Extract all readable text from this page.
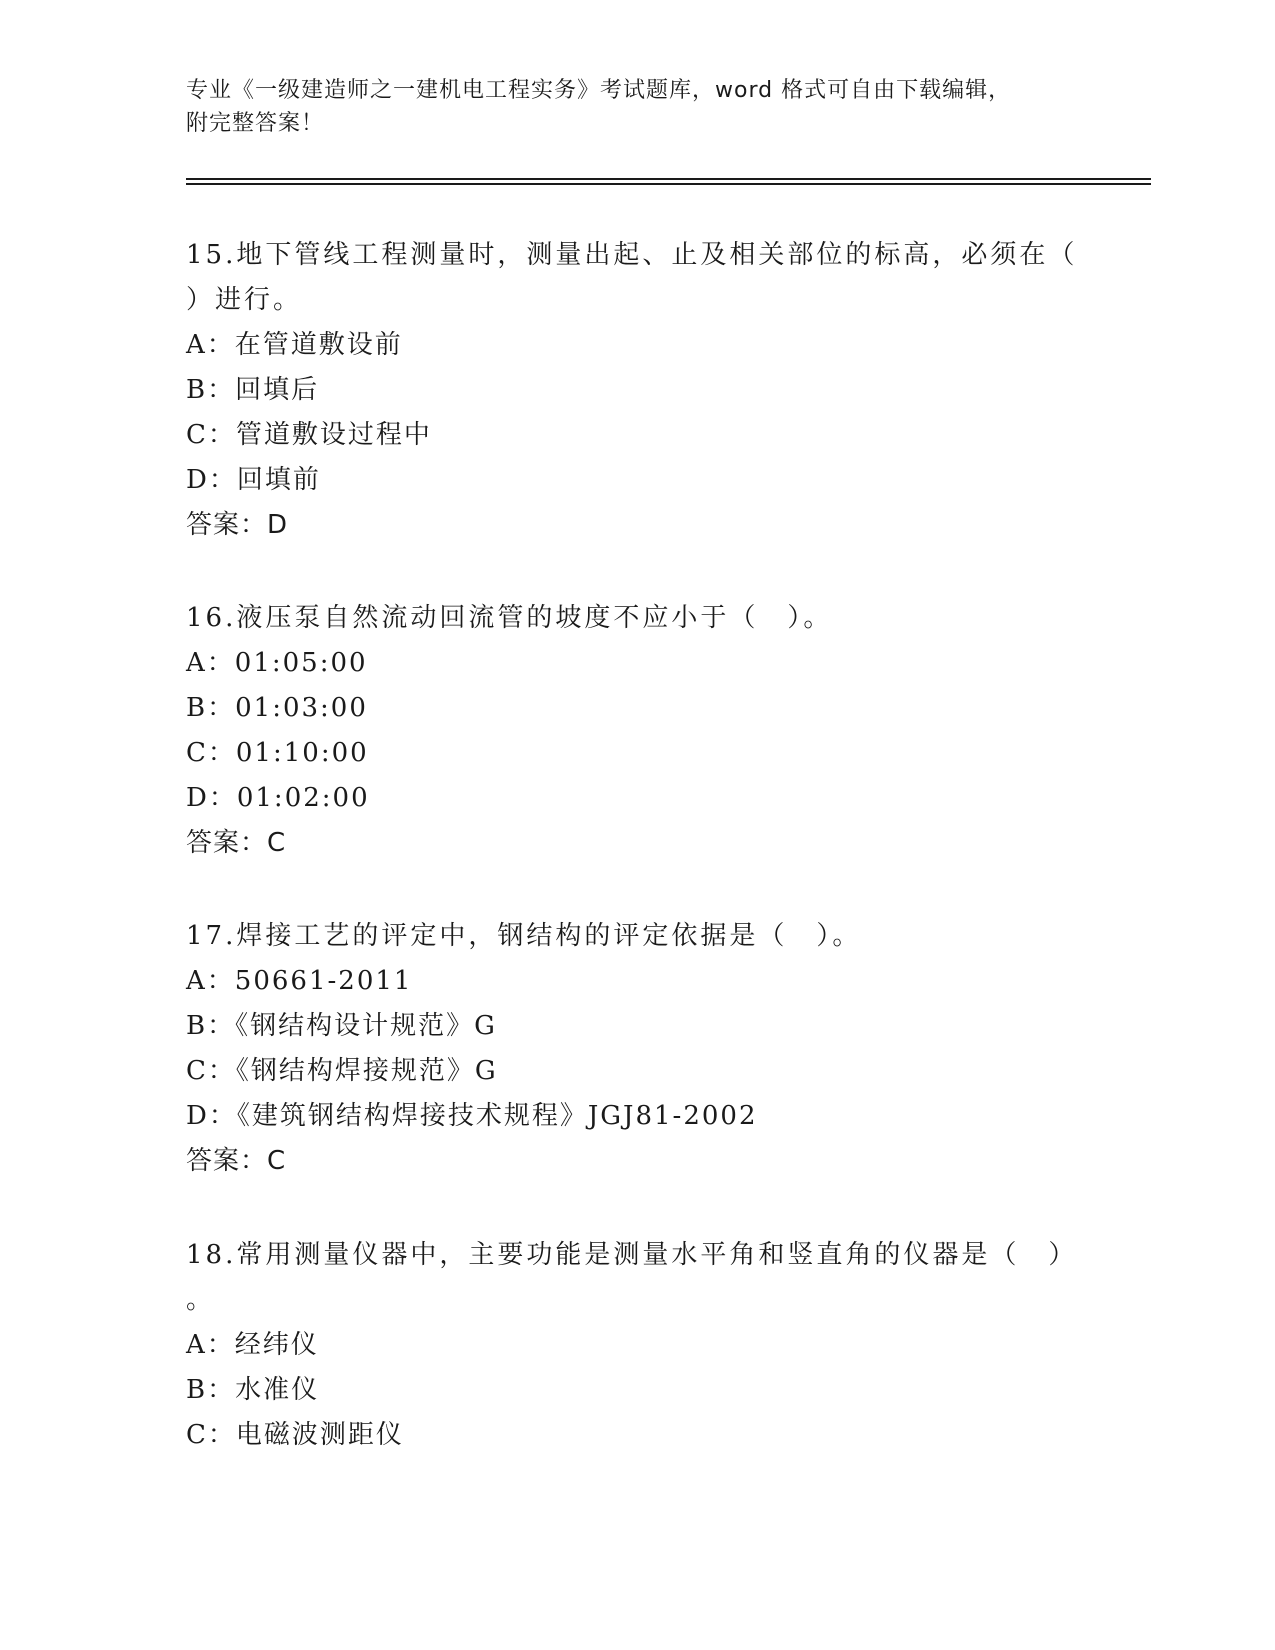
专业《一级建造师之一建机电工程实务》考试题库，word 格式可自由下载编辑，
附完整答案！
15.地下管线工程测量时，测量出起、止及相关部位的标高，必须在（
）进行。
A：在管道敷设前
B：回填后
C：管道敷设过程中
D：回填前
答案：D
16.液压泵自然流动回流管的坡度不应小于（　）。
A：01:05:00
B：01:03:00
C：01:10:00
D：01:02:00
答案：C
17.焊接工艺的评定中，钢结构的评定依据是（　）。
A：50661-2011
B：《钢结构设计规范》G
C：《钢结构焊接规范》G
D：《建筑钢结构焊接技术规程》JGJ81-2002
答案：C
18.常用测量仪器中，主要功能是测量水平角和竖直角的仪器是（　）
。
A：经纬仪
B：水准仪
C：电磁波测距仪
